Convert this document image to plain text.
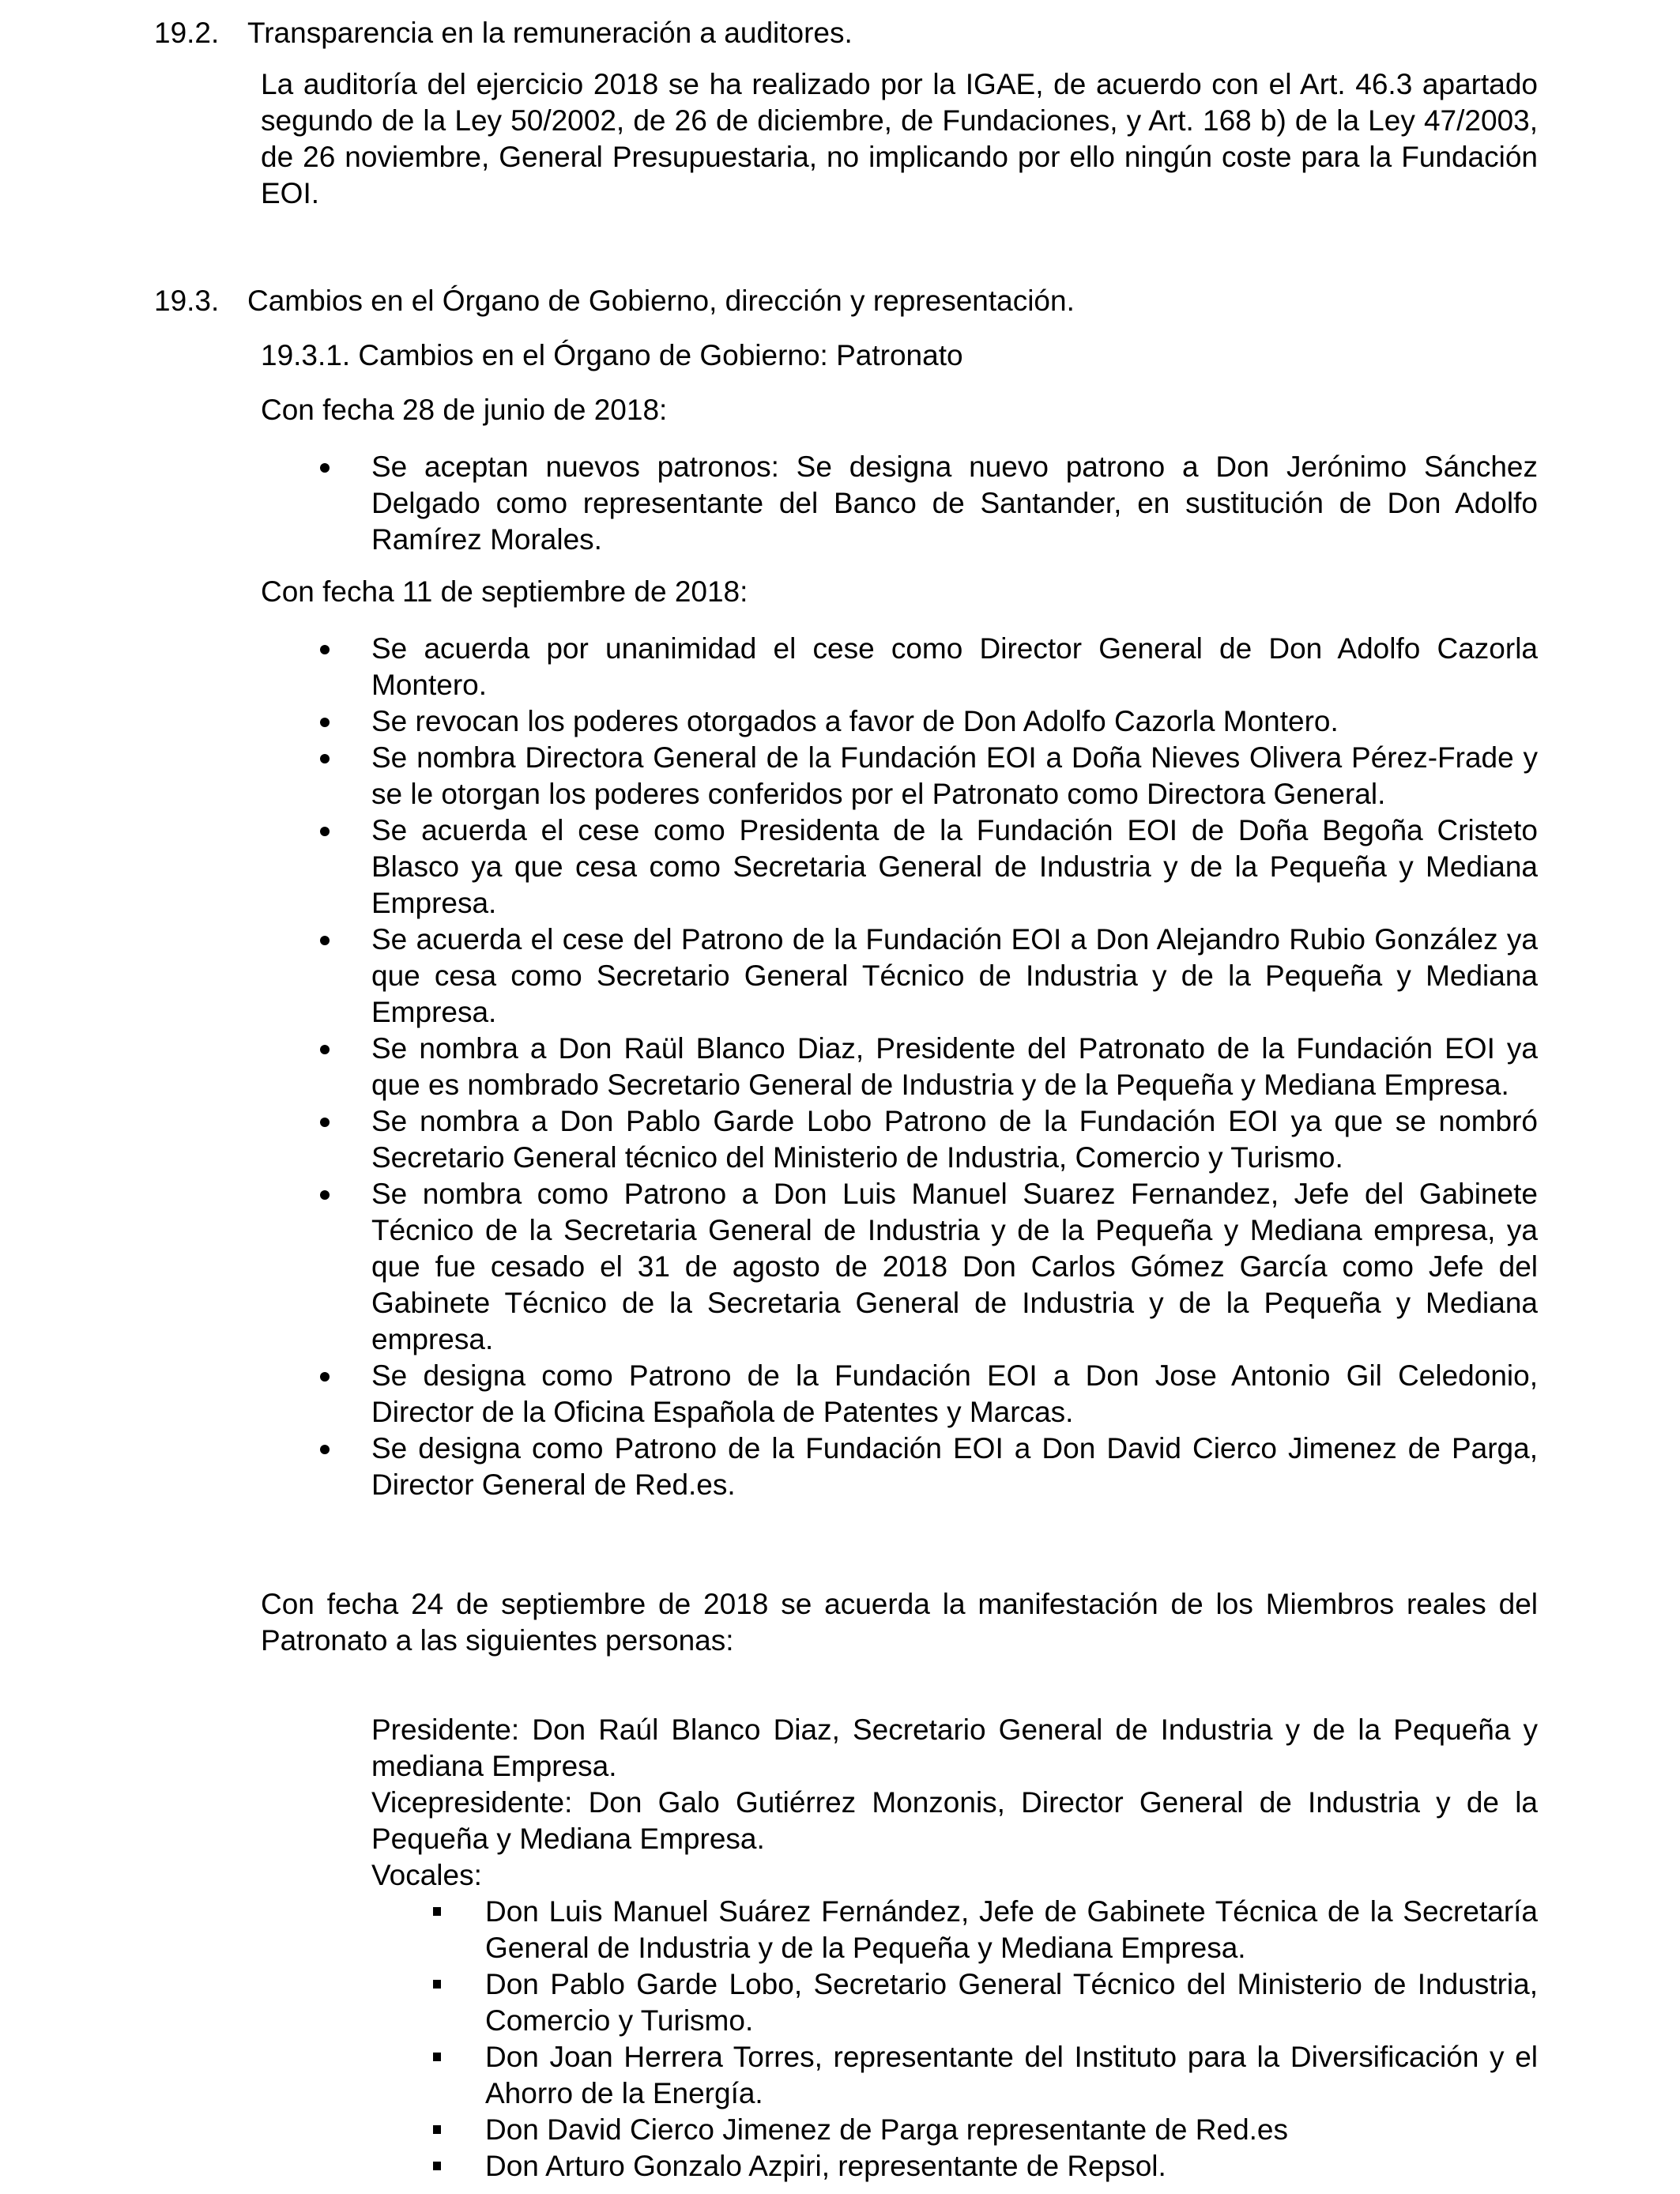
19.2. Transparencia en la remuneración a auditores.

La auditoría del ejercicio 2018 se ha realizado por la IGAE, de acuerdo con el Art. 46.3 apartado segundo de la Ley 50/2002, de 26 de diciembre, de Fundaciones, y Art. 168 b) de la Ley 47/2003, de 26 noviembre, General Presupuestaria, no implicando por ello ningún coste para la Fundación EOI.

19.3. Cambios en el Órgano de Gobierno, dirección y representación.

19.3.1. Cambios en el Órgano de Gobierno: Patronato

Con fecha 28 de junio de 2018:

Se aceptan nuevos patronos: Se designa nuevo patrono a Don Jerónimo Sánchez Delgado como representante del Banco de Santander, en sustitución de Don Adolfo Ramírez Morales.

Con fecha 11 de septiembre de 2018:

Se acuerda por unanimidad el cese como Director General de Don Adolfo Cazorla Montero.
Se revocan los poderes otorgados a favor de Don Adolfo Cazorla Montero.
Se nombra Directora General de la Fundación EOI a Doña Nieves Olivera Pérez-Frade y se le otorgan los poderes conferidos por el Patronato como Directora General.
Se acuerda el cese como Presidenta de la Fundación EOI de Doña Begoña Cristeto Blasco ya que cesa como Secretaria General de Industria y de la Pequeña y Mediana Empresa.
Se acuerda el cese del Patrono de la Fundación EOI a Don Alejandro Rubio González ya que cesa como Secretario General Técnico de Industria y de la Pequeña y Mediana Empresa.
Se nombra a Don Raül Blanco Diaz, Presidente del Patronato de la Fundación EOI ya que es nombrado Secretario General de Industria y de la Pequeña y Mediana Empresa.
Se nombra a Don Pablo Garde Lobo Patrono de la Fundación EOI ya que se nombró Secretario General técnico del Ministerio de Industria, Comercio y Turismo.
Se nombra como Patrono a Don Luis Manuel Suarez Fernandez, Jefe del Gabinete Técnico de la Secretaria General de Industria y de la Pequeña y Mediana empresa, ya que fue cesado el 31 de agosto de 2018 Don Carlos Gómez García como Jefe del Gabinete Técnico de la Secretaria General de Industria y de la Pequeña y Mediana empresa.
Se designa como Patrono de la Fundación EOI a Don Jose Antonio Gil Celedonio, Director de la Oficina Española de Patentes y Marcas.
Se designa como Patrono de la Fundación EOI a Don David Cierco Jimenez de Parga, Director General de Red.es.

Con fecha 24 de septiembre de 2018 se acuerda la manifestación de los Miembros reales del Patronato a las siguientes personas:

Presidente: Don Raúl Blanco Diaz, Secretario General de Industria y de la Pequeña y mediana Empresa.

Vicepresidente: Don Galo Gutiérrez Monzonis, Director General de Industria y de la Pequeña y Mediana Empresa.

Vocales:

Don Luis Manuel Suárez Fernández, Jefe de Gabinete Técnica de la Secretaría General de Industria y de la Pequeña y Mediana Empresa.
Don Pablo Garde Lobo, Secretario General Técnico del Ministerio de Industria, Comercio y Turismo.
Don Joan Herrera Torres, representante del Instituto para la Diversificación y el Ahorro de la Energía.
Don David Cierco Jimenez de Parga representante de Red.es
Don Arturo Gonzalo Azpiri, representante de Repsol.
